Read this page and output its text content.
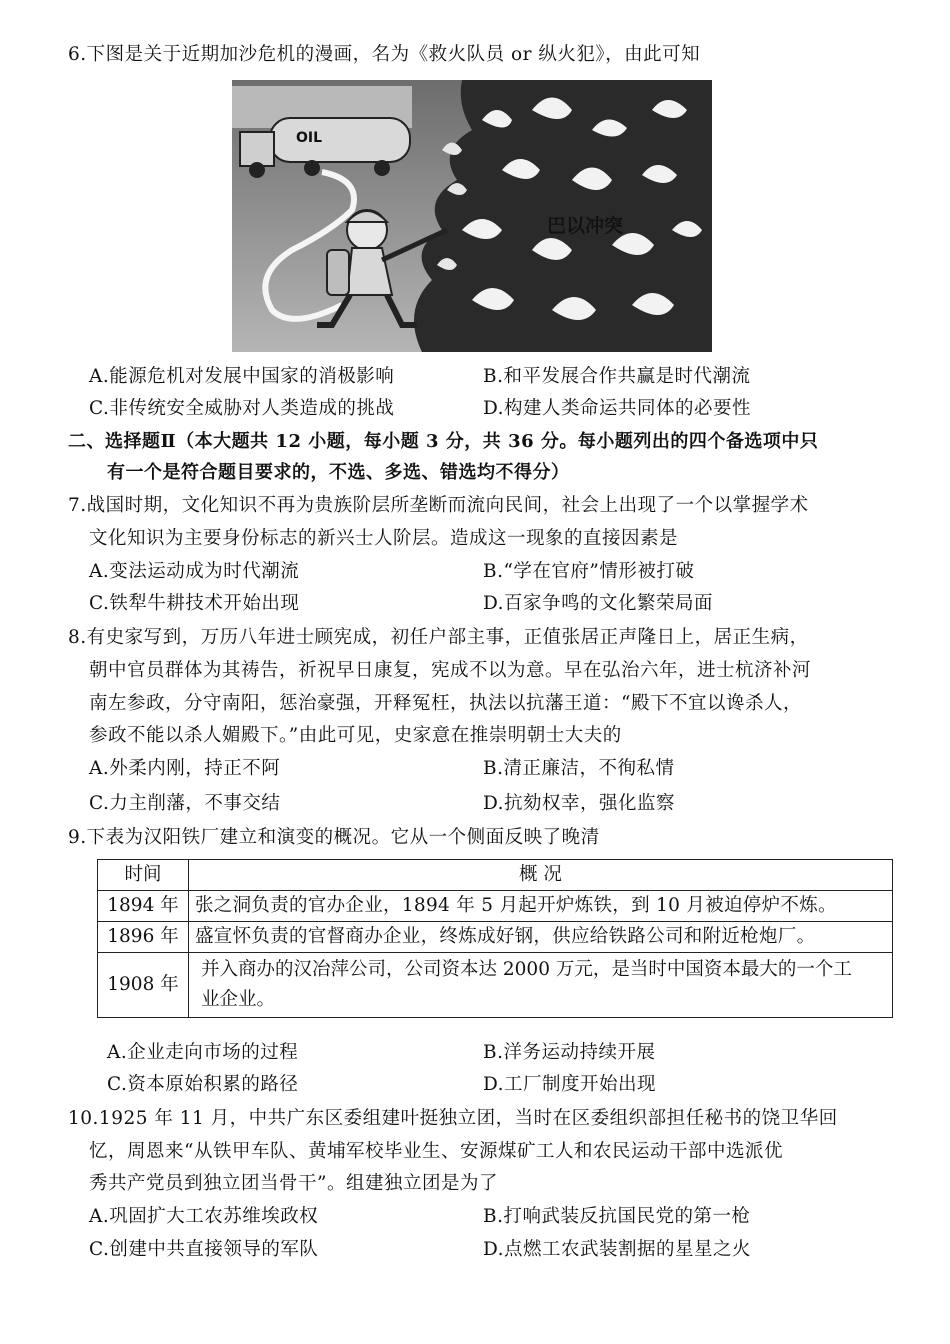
6.下图是关于近期加沙危机的漫画，名为《救火队员 or 纵火犯》，由此可知
巴以冲突
OIL
A.能源危机对发展中国家的消极影响	B.和平发展合作共赢是时代潮流
C.非传统安全威胁对人类造成的挑战	D.构建人类命运共同体的必要性
二、选择题Ⅱ（本大题共 12 小题，每小题 3 分，共 36 分。每小题列出的四个备选项中只
有一个是符合题目要求的，不选、多选、错选均不得分）
7.战国时期，文化知识不再为贵族阶层所垄断而流向民间，社会上出现了一个以掌握学术
文化知识为主要身份标志的新兴士人阶层。造成这一现象的直接因素是
A.变法运动成为时代潮流	B.“学在官府”情形被打破
C.铁犁牛耕技术开始出现	D.百家争鸣的文化繁荣局面
8.有史家写到，万历八年进士顾宪成，初任户部主事，正值张居正声隆日上，居正生病，
朝中官员群体为其祷告，祈祝早日康复，宪成不以为意。早在弘治六年，进士杭济补河
南左参政，分守南阳，惩治豪强，开释冤枉，执法以抗藩王道：“殿下不宜以谗杀人，
参政不能以杀人媚殿下。”由此可见，史家意在推崇明朝士大夫的
A.外柔内刚，持正不阿	B.清正廉洁，不徇私情
C.力主削藩，不事交结	D.抗劾权幸，强化监察
9.下表为汉阳铁厂建立和演变的概况。它从一个侧面反映了晚清
时间	概 况
1894 年	张之洞负责的官办企业，1894 年 5 月起开炉炼铁，到 10 月被迫停炉不炼。
1896 年	盛宣怀负责的官督商办企业，终炼成好钢，供应给铁路公司和附近枪炮厂。
1908 年	并入商办的汉冶萍公司，公司资本达 2000 万元，是当时中国资本最大的一个工业企业。
A.企业走向市场的过程	B.洋务运动持续开展
C.资本原始积累的路径	D.工厂制度开始出现
10.1925 年 11 月，中共广东区委组建叶挺独立团，当时在区委组织部担任秘书的饶卫华回
忆，周恩来“从铁甲车队、黄埔军校毕业生、安源煤矿工人和农民运动干部中选派优
秀共产党员到独立团当骨干”。组建独立团是为了
A.巩固扩大工农苏维埃政权	B.打响武装反抗国民党的第一枪
C.创建中共直接领导的军队	D.点燃工农武装割据的星星之火
